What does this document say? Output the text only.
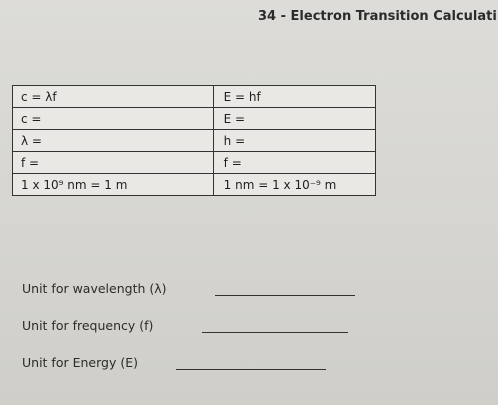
34 - Electron Transition Calculati
c = λf	E = hf
c =	E =
λ =	h =
f =	f =
1 x 10⁹ nm = 1 m	1 nm = 1 x 10⁻⁹ m
Unit for wavelength (λ)
Unit for frequency (f)
Unit for Energy (E)
